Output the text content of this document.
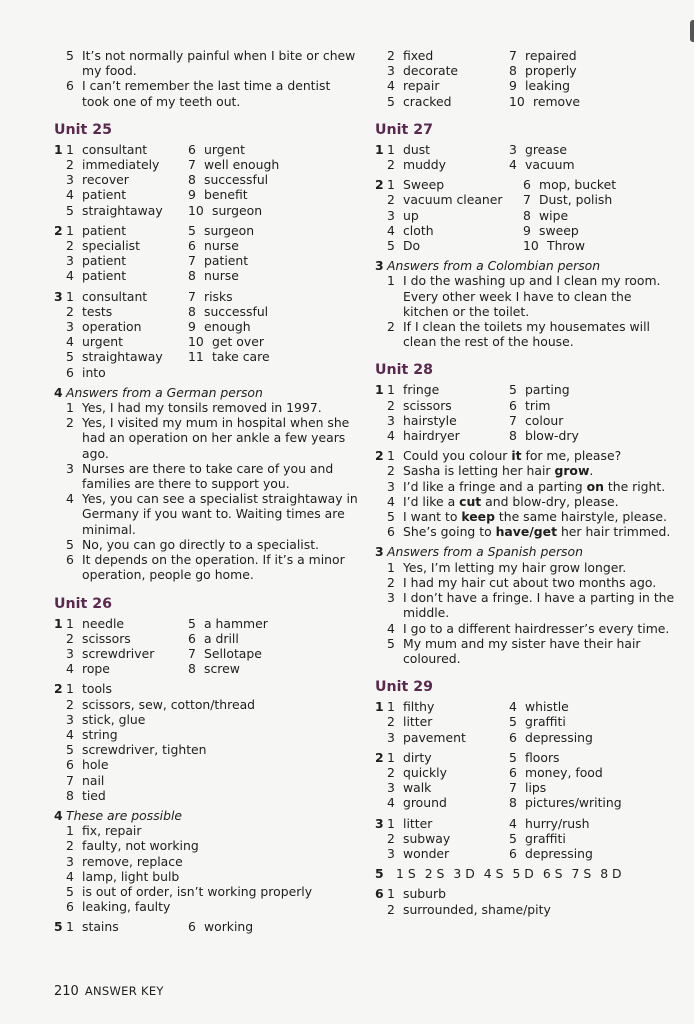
5 It’s not normally painful when I bite or chew my food.
6 I can’t remember the last time a dentist took one of my teeth out.
Unit 25
1 1 consultant	6 urgent
2 immediately	7 well enough
3 recover	8 successful
4 patient	9 benefit
5 straightaway	10 surgeon
2 1 patient	5 surgeon
2 specialist	6 nurse
3 patient	7 patient
4 patient	8 nurse
3 1 consultant	7 risks
2 tests	8 successful
3 operation	9 enough
4 urgent	10 get over
5 straightaway	11 take care
6 into
4 Answers from a German person
1 Yes, I had my tonsils removed in 1997.
2 Yes, I visited my mum in hospital when she had an operation on her ankle a few years ago.
3 Nurses are there to take care of you and families are there to support you.
4 Yes, you can see a specialist straightaway in Germany if you want to. Waiting times are minimal.
5 No, you can go directly to a specialist.
6 It depends on the operation. If it’s a minor operation, people go home.
Unit 26
1 1 needle	5 a hammer
2 scissors	6 a drill
3 screwdriver	7 Sellotape
4 rope	8 screw
2 1 tools
2 scissors, sew, cotton/thread
3 stick, glue
4 string
5 screwdriver, tighten
6 hole
7 nail
8 tied
4 These are possible
1 fix, repair
2 faulty, not working
3 remove, replace
4 lamp, light bulb
5 is out of order, isn’t working properly
6 leaking, faulty
5 1 stains	6 working
2 fixed	7 repaired
3 decorate	8 properly
4 repair	9 leaking
5 cracked	10 remove
Unit 27
1 1 dust	3 grease
2 muddy	4 vacuum
2 1 Sweep	6 mop, bucket
2 vacuum cleaner	7 Dust, polish
3 up	8 wipe
4 cloth	9 sweep
5 Do	10 Throw
3 Answers from a Colombian person
1 I do the washing up and I clean my room. Every other week I have to clean the kitchen or the toilet.
2 If I clean the toilets my housemates will clean the rest of the house.
Unit 28
1 1 fringe	5 parting
2 scissors	6 trim
3 hairstyle	7 colour
4 hairdryer	8 blow-dry
2 1 Could you colour it for me, please?
2 Sasha is letting her hair grow.
3 I’d like a fringe and a parting on the right.
4 I’d like a cut and blow-dry, please.
5 I want to keep the same hairstyle, please.
6 She’s going to have/get her hair trimmed.
3 Answers from a Spanish person
1 Yes, I’m letting my hair grow longer.
2 I had my hair cut about two months ago.
3 I don’t have a fringe. I have a parting in the middle.
4 I go to a different hairdresser’s every time.
5 My mum and my sister have their hair coloured.
Unit 29
1 1 filthy	4 whistle
2 litter	5 graffiti
3 pavement	6 depressing
2 1 dirty	5 floors
2 quickly	6 money, food
3 walk	7 lips
4 ground	8 pictures/writing
3 1 litter	4 hurry/rush
2 subway	5 graffiti
3 wonder	6 depressing
5 1 S 2 S 3 D 4 S 5 D 6 S 7 S 8 D
6 1 suburb
2 surrounded, shame/pity
210 ANSWER KEY
